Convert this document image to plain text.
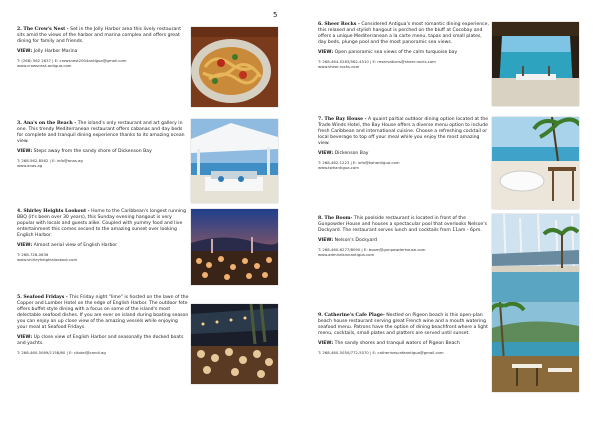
5

2. The Crow's Nest - Set in the Jolly Harbor area this lively restaurant sits amid the views of the harbor and marina complex and offers great dining for family and friends.

VIEW: Jolly Harbor Marina

T: (268) 562 2637 | E: crowsnest2004antigua@gmail.com
www.crowsnest-antigua.com

3. Ana's on the Beach - The island's only restaurant and art gallery in one. This trendy Mediterranean restaurant offers cabanas and day beds for complete and tranquil dining experience thanks to its amazing ocean view.

VIEW: Steps away from the sandy shore of Dickenson Bay

T: 268-562-8562 | E: info@anas.ag
www.anas.ag

4. Shirley Heights Lookout - Home to the Caribbean's longest running BBQ (it's been over 30 years), this Sunday evening hangout is very popular with locals and guests alike. Coupled with yummy food and live entertainment this comes second to the amazing sunset over looking English Harbor.

VIEW: Almost aerial view of English Harbor

T: 268-728-0636
www.shirleyheightslookout.com

5. Seafood Fridays - This Friday night "lime" is hosted on the lawn of the Copper and Lumber Hotel on the edge of English Harbor. The outdoor fete offers buffet style dining with a focus on some of the island's most delectable seafood dishes. If you are ever on island during boating season you can enjoy an up close view of the amazing vessels while enjoying your meal at Seafood Fridays.

VIEW: Up close view of English Harbor and seasonally the docked boats and yachts.

T: 268-460-5069/1158/60 | E: cltotel@candl.ag

6. Sheer Rocks - Considered Antigua's most romantic dining experience, this relaxed and stylish hangout is perched on the bluff at Cocobay and offers a unique Mediterranean a la carte menu, tapas and small plates, day beds, plunge pool and the most panoramic sea views.

VIEW: Open panoramic sea views of the calm turquoise bay

T: 268-464-5283/562-4510 | E: reservations@sheer-rocks.com
www.sheer-rocks.com

7. The Bay House - A quaint partial outdoor dining option located at the Trade Winds Hotel, the Bay House offers a diverse menu option to include fresh Caribbean and international cuisine. Choose a refreshing cocktail or local beverage to top off your meal while you enjoy the most amazing view.

VIEW: Dickenson Bay

T: 268-462-1223 | E: info@twhantigua.com
www.twhantigua.com

8. The Boom- This poolside restaurant is located in front of the Gunpowder House and houses a spectacular pool that overlooks Nelson's Dockyard. The restaurant serves lunch and cocktails from 11am - 6pm.

VIEW: Nelson's Dockyard

T: 268-460-6277/8090 | E: boom@gunpowderhouse.com
www.admiralsinnantigua.com

9. Catherine's Cafe Plage- Nestled on Pigeon beach is this open-plan beach house restaurant serving great French wine and a mouth watering seafood menu. Patrons have the option of dining beachfront where a light menu, cocktails, small plates and platters are served until sunset.

VIEW: The sandy shores and tranquil waters of Pigeon Beach

T: 268-460-5050/772-5070 | E: catherinescafeantigua@gmail.com
